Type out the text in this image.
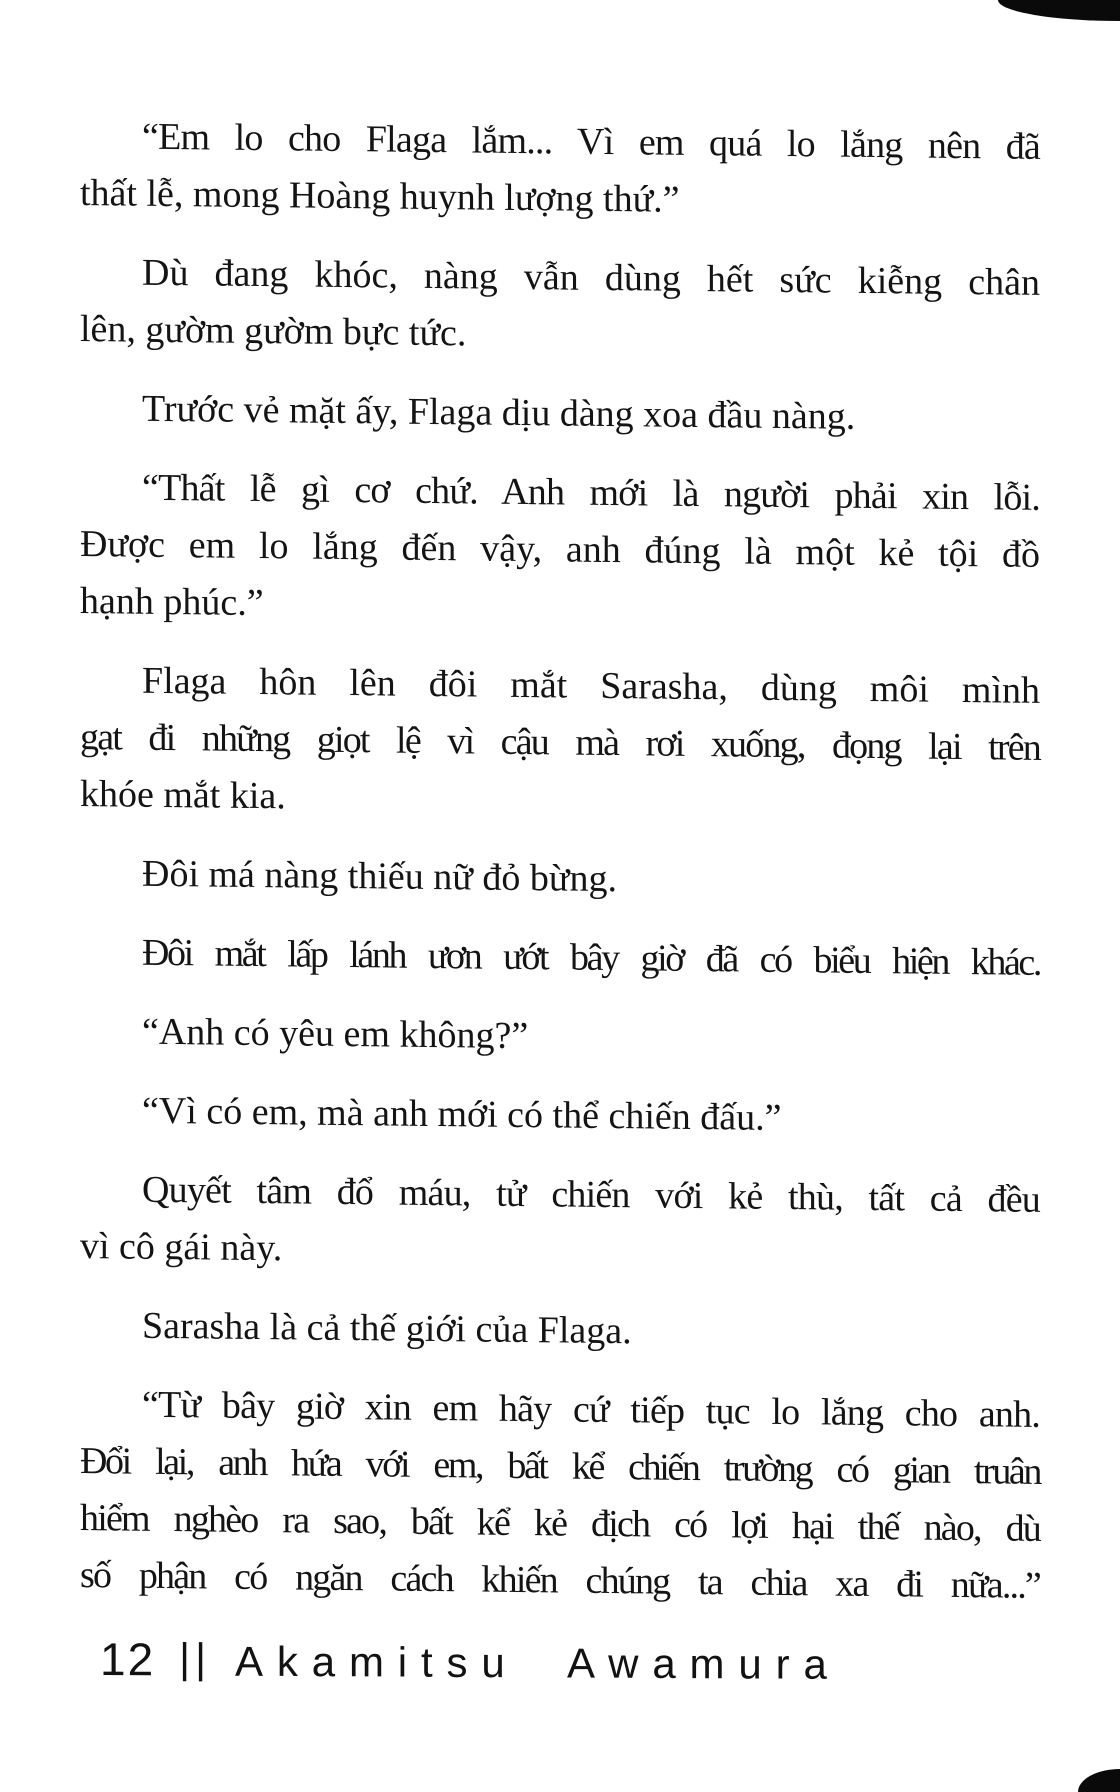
“Em lo cho Flaga lắm... Vì em quá lo lắng nên đã
thất lễ, mong Hoàng huynh lượng thứ.”

Dù đang khóc, nàng vẫn dùng hết sức kiễng chân
lên, gườm gườm bực tức.

Trước vẻ mặt ấy, Flaga dịu dàng xoa đầu nàng.

“Thất lễ gì cơ chứ. Anh mới là người phải xin lỗi.
Được em lo lắng đến vậy, anh đúng là một kẻ tội đồ
hạnh phúc.”

Flaga hôn lên đôi mắt Sarasha, dùng môi mình
gạt đi những giọt lệ vì cậu mà rơi xuống, đọng lại trên
khóe mắt kia.

Đôi má nàng thiếu nữ đỏ bừng.

Đôi mắt lấp lánh ươn ướt bây giờ đã có biểu hiện khác.

“Anh có yêu em không?”

“Vì có em, mà anh mới có thể chiến đấu.”

Quyết tâm đổ máu, tử chiến với kẻ thù, tất cả đều
vì cô gái này.

Sarasha là cả thế giới của Flaga.

“Từ bây giờ xin em hãy cứ tiếp tục lo lắng cho anh.
Đổi lại, anh hứa với em, bất kể chiến trường có gian truân
hiểm nghèo ra sao, bất kể kẻ địch có lợi hại thế nào, dù
số phận có ngăn cách khiến chúng ta chia xa đi nữa...”

12 || Akamitsu Awamura
